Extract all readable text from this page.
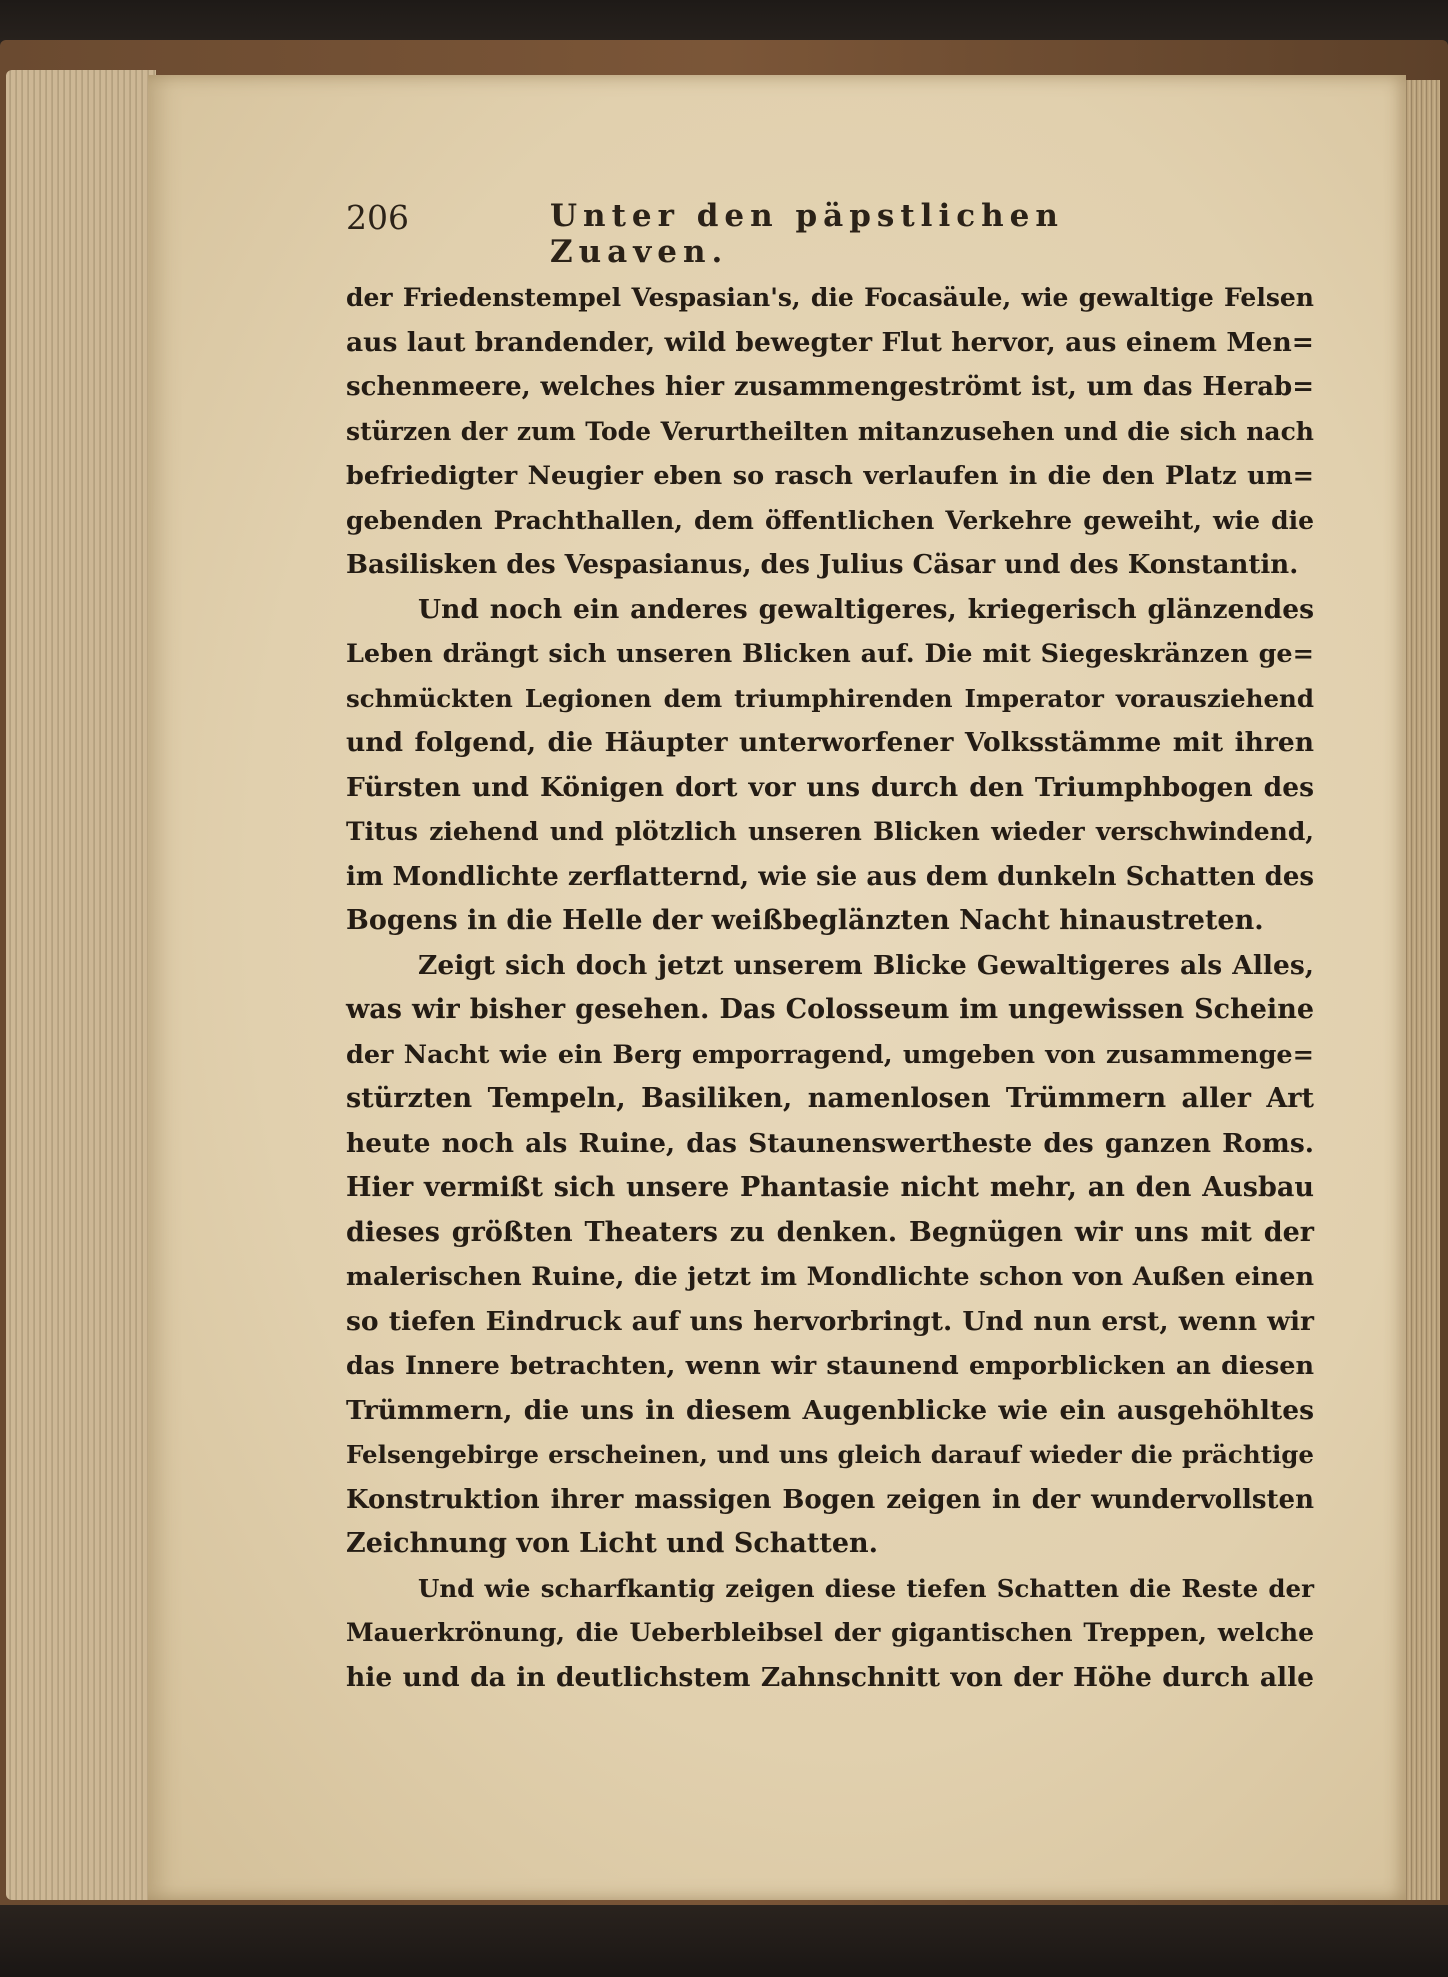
206	Unter den päpstlichen Zuaven.
der Friedenstempel Vespasian's, die Focasäule, wie gewaltige Felsen
aus laut brandender, wild bewegter Flut hervor, aus einem Men=
schenmeere, welches hier zusammengeströmt ist, um das Herab=
stürzen der zum Tode Verurtheilten mitanzusehen und die sich nach
befriedigter Neugier eben so rasch verlaufen in die den Platz um=
gebenden Prachthallen, dem öffentlichen Verkehre geweiht, wie die
Basilisken des Vespasianus, des Julius Cäsar und des Konstantin.
Und noch ein anderes gewaltigeres, kriegerisch glänzendes
Leben drängt sich unseren Blicken auf. Die mit Siegeskränzen ge=
schmückten Legionen dem triumphirenden Imperator vorausziehend
und folgend, die Häupter unterworfener Volksstämme mit ihren
Fürsten und Königen dort vor uns durch den Triumphbogen des
Titus ziehend und plötzlich unseren Blicken wieder verschwindend,
im Mondlichte zerflatternd, wie sie aus dem dunkeln Schatten des
Bogens in die Helle der weißbeglänzten Nacht hinaustreten.
Zeigt sich doch jetzt unserem Blicke Gewaltigeres als Alles,
was wir bisher gesehen. Das Colosseum im ungewissen Scheine
der Nacht wie ein Berg emporragend, umgeben von zusammenge=
stürzten Tempeln, Basiliken, namenlosen Trümmern aller Art
heute noch als Ruine, das Staunenswertheste des ganzen Roms.
Hier vermißt sich unsere Phantasie nicht mehr, an den Ausbau
dieses größten Theaters zu denken. Begnügen wir uns mit der
malerischen Ruine, die jetzt im Mondlichte schon von Außen einen
so tiefen Eindruck auf uns hervorbringt. Und nun erst, wenn wir
das Innere betrachten, wenn wir staunend emporblicken an diesen
Trümmern, die uns in diesem Augenblicke wie ein ausgehöhltes
Felsengebirge erscheinen, und uns gleich darauf wieder die prächtige
Konstruktion ihrer massigen Bogen zeigen in der wundervollsten
Zeichnung von Licht und Schatten.
Und wie scharfkantig zeigen diese tiefen Schatten die Reste der
Mauerkrönung, die Ueberbleibsel der gigantischen Treppen, welche
hie und da in deutlichstem Zahnschnitt von der Höhe durch alle
